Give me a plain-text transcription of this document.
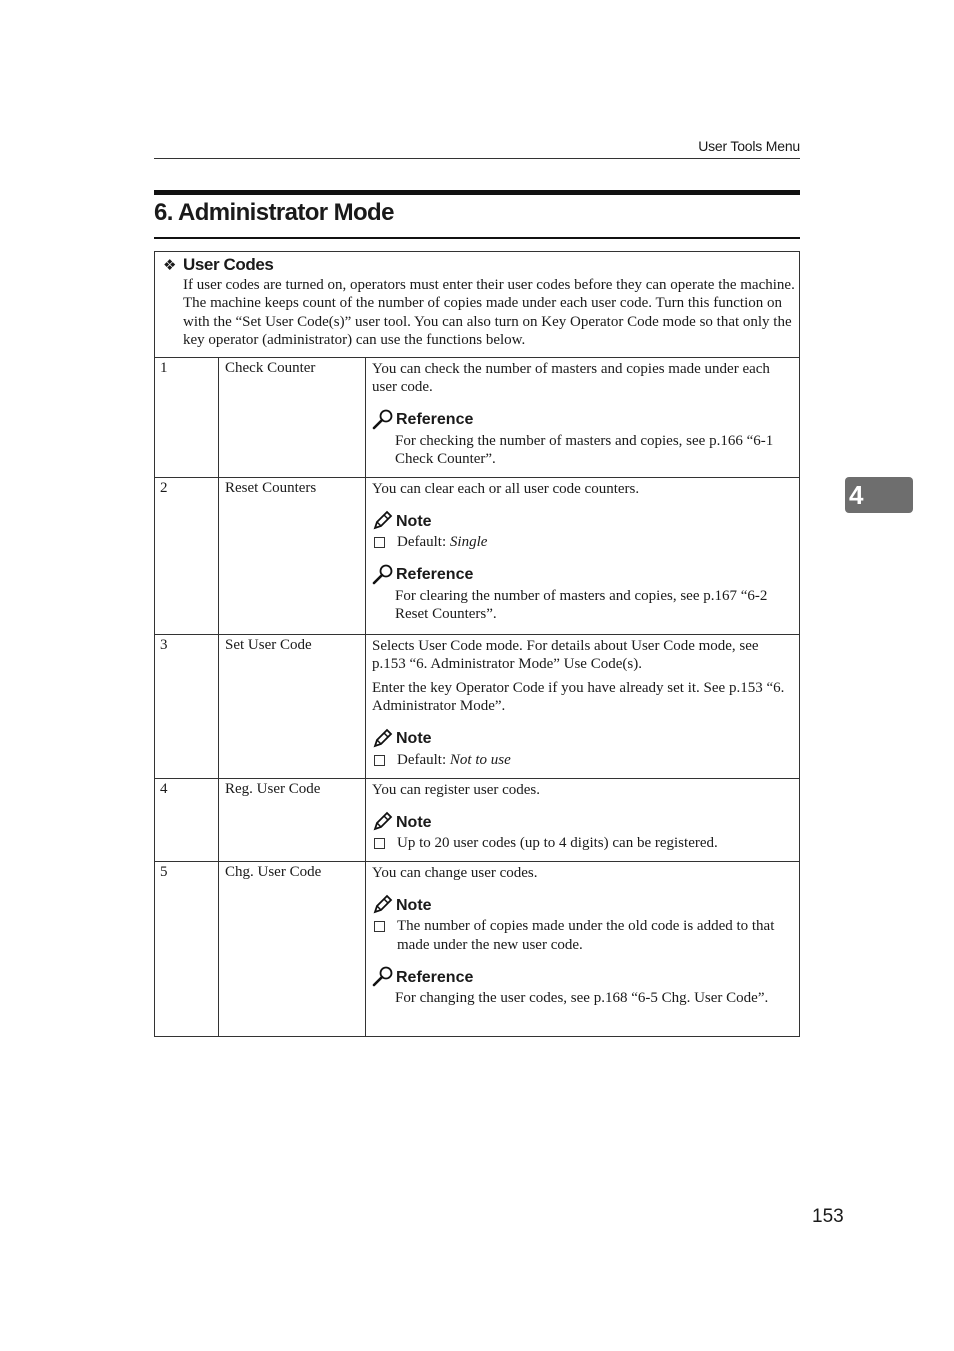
User Tools Menu
6. Administrator Mode
❖ User Codes
If user codes are turned on, operators must enter their user codes before they can operate the machine. The machine keeps count of the number of copies made under each user code. Turn this function on with the “Set User Code(s)” user tool. You can also turn on Key Operator Code mode so that only the key operator (administrator) can use the functions below.
1	Check Counter	You can check the number of masters and copies made under each user code.

Reference
For checking the number of masters and copies, see p.166 “6-1 Check Counter”.
2	Reset Counters	You can clear each or all user code counters.

Note
Default: Single
Reference
For clearing the number of masters and copies, see p.167 “6-2 Reset Counters”.
3	Set User Code	Selects User Code mode. For details about User Code mode, see p.153 “6. Administrator Mode” Use Code(s).

Enter the key Operator Code if you have already set it. See p.153 “6. Administrator Mode”.

Note
Default: Not to use
4	Reg. User Code	You can register user codes.

Note
Up to 20 user codes (up to 4 digits) can be registered.
5	Chg. User Code	You can change user codes.

Note
The number of copies made under the old code is added to that made under the new user code.
Reference
For changing the user codes, see p.168 “6-5 Chg. User Code”.
4
153
